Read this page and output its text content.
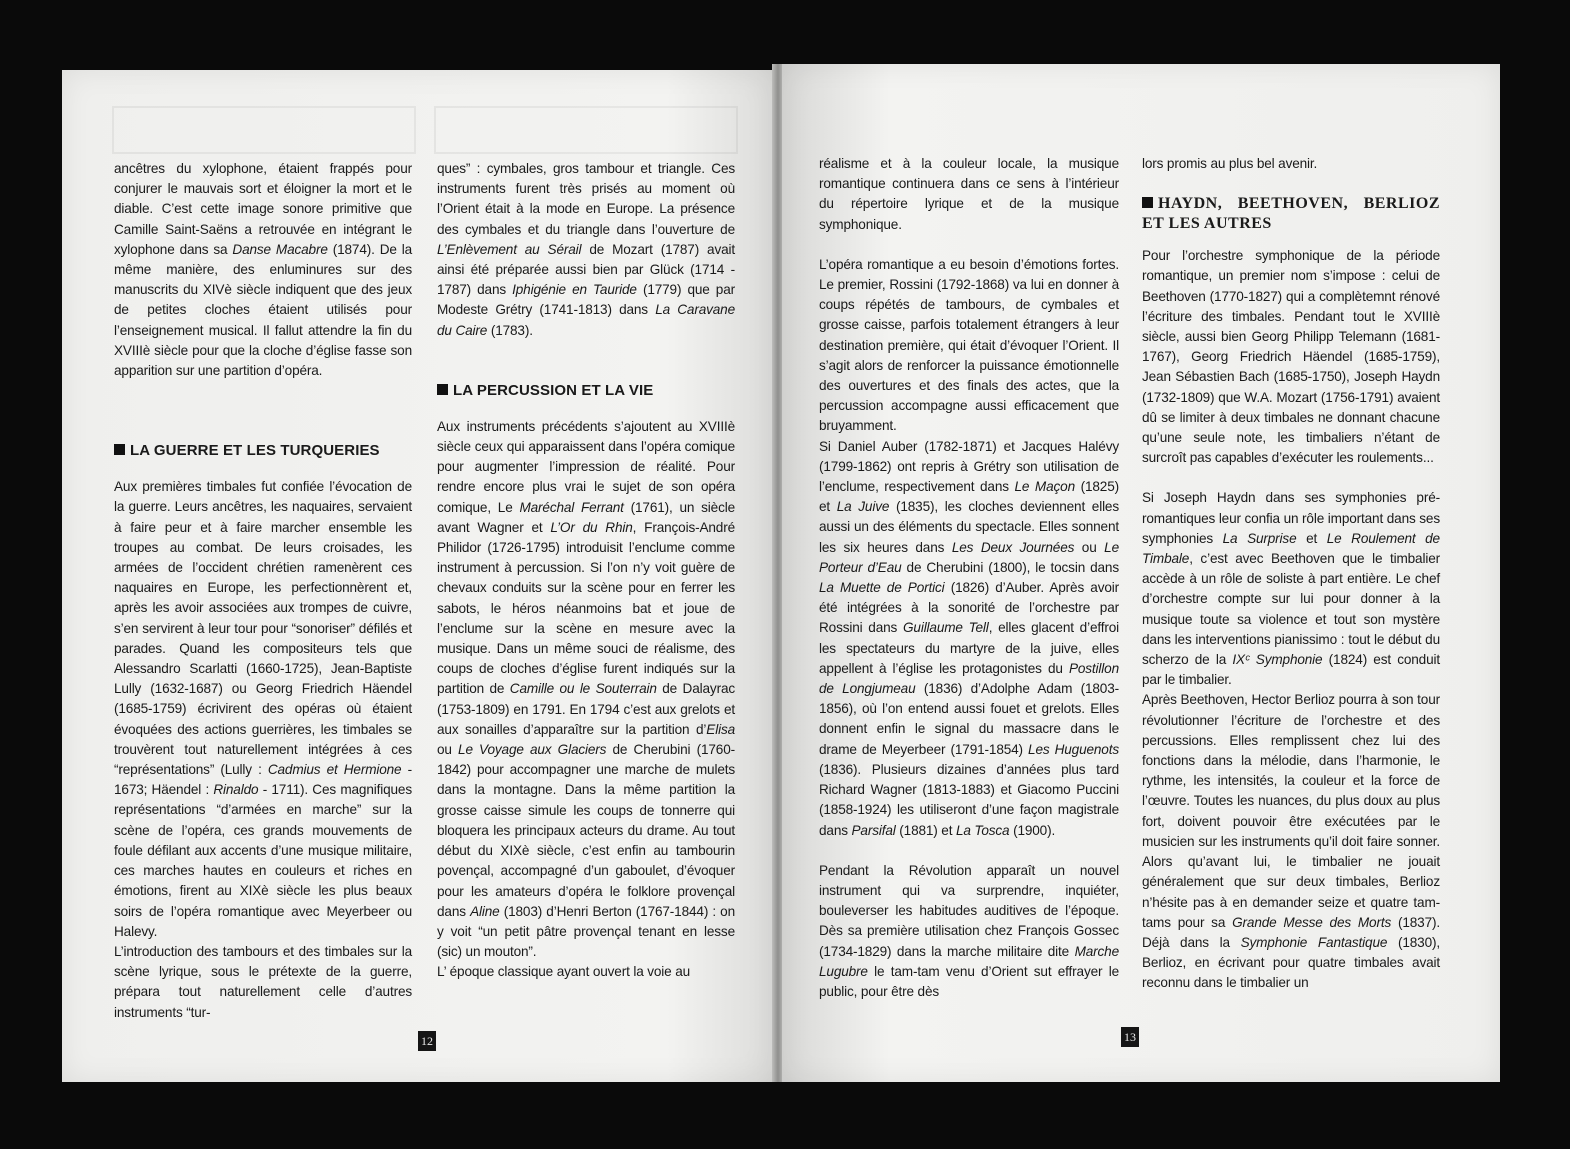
ancêtres du xylophone, étaient frappés pour conjurer le mauvais sort et éloigner la mort et le diable. C’est cette image sonore primitive que Camille Saint-Saëns a retrouvée en intégrant le xylophone dans sa Danse Macabre (1874). De la même manière, des enluminures sur des manuscrits du XIVè siècle indiquent que des jeux de petites cloches étaient utilisés pour l’enseignement musical. Il fallut attendre la fin du XVIIIè siècle pour que la cloche d’église fasse son apparition sur une partition d’opéra.

LA GUERRE ET LES TURQUERIES

Aux premières timbales fut confiée l’évocation de la guerre. Leurs ancêtres, les naquaires, servaient à faire peur et à faire marcher ensemble les troupes au combat. De leurs croisades, les armées de l’occident chrétien ramenèrent ces naquaires en Europe, les perfectionnèrent et, après les avoir associées aux trompes de cuivre, s’en servirent à leur tour pour “sonoriser” défilés et parades. Quand les compositeurs tels que Alessandro Scarlatti (1660-1725), Jean-Baptiste Lully (1632-1687) ou Georg Friedrich Häendel (1685-1759) écrivirent des opéras où étaient évoquées des actions guerrières, les timbales se trouvèrent tout naturellement intégrées à ces “représentations” (Lully : Cadmius et Hermione - 1673; Häendel : Rinaldo - 1711). Ces magnifiques représentations “d’armées en marche” sur la scène de l’opéra, ces grands mouvements de foule défilant aux accents d’une musique militaire, ces marches hautes en couleurs et riches en émotions, firent au XIXè siècle les plus beaux soirs de l’opéra romantique avec Meyerbeer ou Halevy.

L’introduction des tambours et des timbales sur la scène lyrique, sous le prétexte de la guerre, prépara tout naturellement celle d’autres instruments “tur-

ques” : cymbales, gros tambour et triangle. Ces instruments furent très prisés au moment où l’Orient était à la mode en Europe. La présence des cymbales et du triangle dans l’ouverture de L’Enlèvement au Sérail de Mozart (1787) avait ainsi été préparée aussi bien par Glück (1714 - 1787) dans Iphigénie en Tauride (1779) que par Modeste Grétry (1741-1813) dans La Caravane du Caire (1783).

LA PERCUSSION ET LA VIE

Aux instruments précédents s’ajoutent au XVIIIè siècle ceux qui apparaissent dans l’opéra comique pour augmenter l’impression de réalité. Pour rendre encore plus vrai le sujet de son opéra comique, Le Maréchal Ferrant (1761), un siècle avant Wagner et L’Or du Rhin, François-André Philidor (1726-1795) introduisit l’enclume comme instrument à percussion. Si l’on n’y voit guère de chevaux conduits sur la scène pour en ferrer les sabots, le héros néanmoins bat et joue de l’enclume sur la scène en mesure avec la musique. Dans un même souci de réalisme, des coups de cloches d’église furent indiqués sur la partition de Camille ou le Souterrain de Dalayrac (1753-1809) en 1791. En 1794 c’est aux grelots et aux sonailles d’apparaître sur la partition d’Elisa ou Le Voyage aux Glaciers de Cherubini (1760-1842) pour accompagner une marche de mulets dans la montagne. Dans la même partition la grosse caisse simule les coups de tonnerre qui bloquera les principaux acteurs du drame. Au tout début du XIXè siècle, c’est enfin au tambourin povençal, accompagné d’un gaboulet, d’évoquer pour les amateurs d’opéra le folklore provençal dans Aline (1803) d’Henri Berton (1767-1844) : on y voit “un petit pâtre provençal tenant en lesse (sic) un mouton”.

L’ époque classique ayant ouvert la voie au

réalisme et à la couleur locale, la musique romantique continuera dans ce sens à l’intérieur du répertoire lyrique et de la musique symphonique.

L’opéra romantique a eu besoin d’émotions fortes. Le premier, Rossini (1792-1868) va lui en donner à coups répétés de tambours, de cymbales et grosse caisse, parfois totalement étrangers à leur destination première, qui était d’évoquer l’Orient. Il s’agit alors de renforcer la puissance émotionnelle des ouvertures et des finals des actes, que la percussion accompagne aussi efficacement que bruyamment.

Si Daniel Auber (1782-1871) et Jacques Halévy (1799-1862) ont repris à Grétry son utilisation de l’enclume, respectivement dans Le Maçon (1825) et La Juive (1835), les cloches deviennent elles aussi un des éléments du spectacle. Elles sonnent les six heures dans Les Deux Journées ou Le Porteur d’Eau de Cherubini (1800), le tocsin dans La Muette de Portici (1826) d’Auber. Après avoir été intégrées à la sonorité de l’orchestre par Rossini dans Guillaume Tell, elles glacent d’effroi les spectateurs du martyre de la juive, elles appellent à l’église les protagonistes du Postillon de Longjumeau (1836) d’Adolphe Adam (1803-1856), où l’on entend aussi fouet et grelots. Elles donnent enfin le signal du massacre dans le drame de Meyerbeer (1791-1854) Les Huguenots (1836). Plusieurs dizaines d’années plus tard Richard Wagner (1813-1883) et Giacomo Puccini (1858-1924) les utiliseront d’une façon magistrale dans Parsifal (1881) et La Tosca (1900).

Pendant la Révolution apparaît un nouvel instrument qui va surprendre, inquiéter, bouleverser les habitudes auditives de l’époque. Dès sa première utilisation chez François Gossec (1734-1829) dans la marche militaire dite Marche Lugubre le tam-tam venu d’Orient sut effrayer le public, pour être dès

lors promis au plus bel avenir.

HAYDN, BEETHOVEN, BERLIOZ ET LES AUTRES

Pour l’orchestre symphonique de la période romantique, un premier nom s’impose : celui de Beethoven (1770-1827) qui a complètemnt rénové l’écriture des timbales. Pendant tout le XVIIIè siècle, aussi bien Georg Philipp Telemann (1681-1767), Georg Friedrich Häendel (1685-1759), Jean Sébastien Bach (1685-1750), Joseph Haydn (1732-1809) que W.A. Mozart (1756-1791) avaient dû se limiter à deux timbales ne donnant chacune qu’une seule note, les timbaliers n’étant de surcroît pas capables d’exécuter les roulements...

Si Joseph Haydn dans ses symphonies pré-romantiques leur confia un rôle important dans ses symphonies La Surprise et Le Roulement de Timbale, c’est avec Beethoven que le timbalier accède à un rôle de soliste à part entière. Le chef d’orchestre compte sur lui pour donner à la musique toute sa violence et tout son mystère dans les interventions pianissimo : tout le début du scherzo de la IXᶜ Symphonie (1824) est conduit par le timbalier.

Après Beethoven, Hector Berlioz pourra à son tour révolutionner l’écriture de l’orchestre et des percussions. Elles remplissent chez lui des fonctions dans la mélodie, dans l’harmonie, le rythme, les intensités, la couleur et la force de l’œuvre. Toutes les nuances, du plus doux au plus fort, doivent pouvoir être exécutées par le musicien sur les instruments qu’il doit faire sonner. Alors qu’avant lui, le timbalier ne jouait généralement que sur deux timbales, Berlioz n’hésite pas à en demander seize et quatre tam-tams pour sa Grande Messe des Morts (1837). Déjà dans la Symphonie Fantastique (1830), Berlioz, en écrivant pour quatre timbales avait reconnu dans le timbalier un

12	13
